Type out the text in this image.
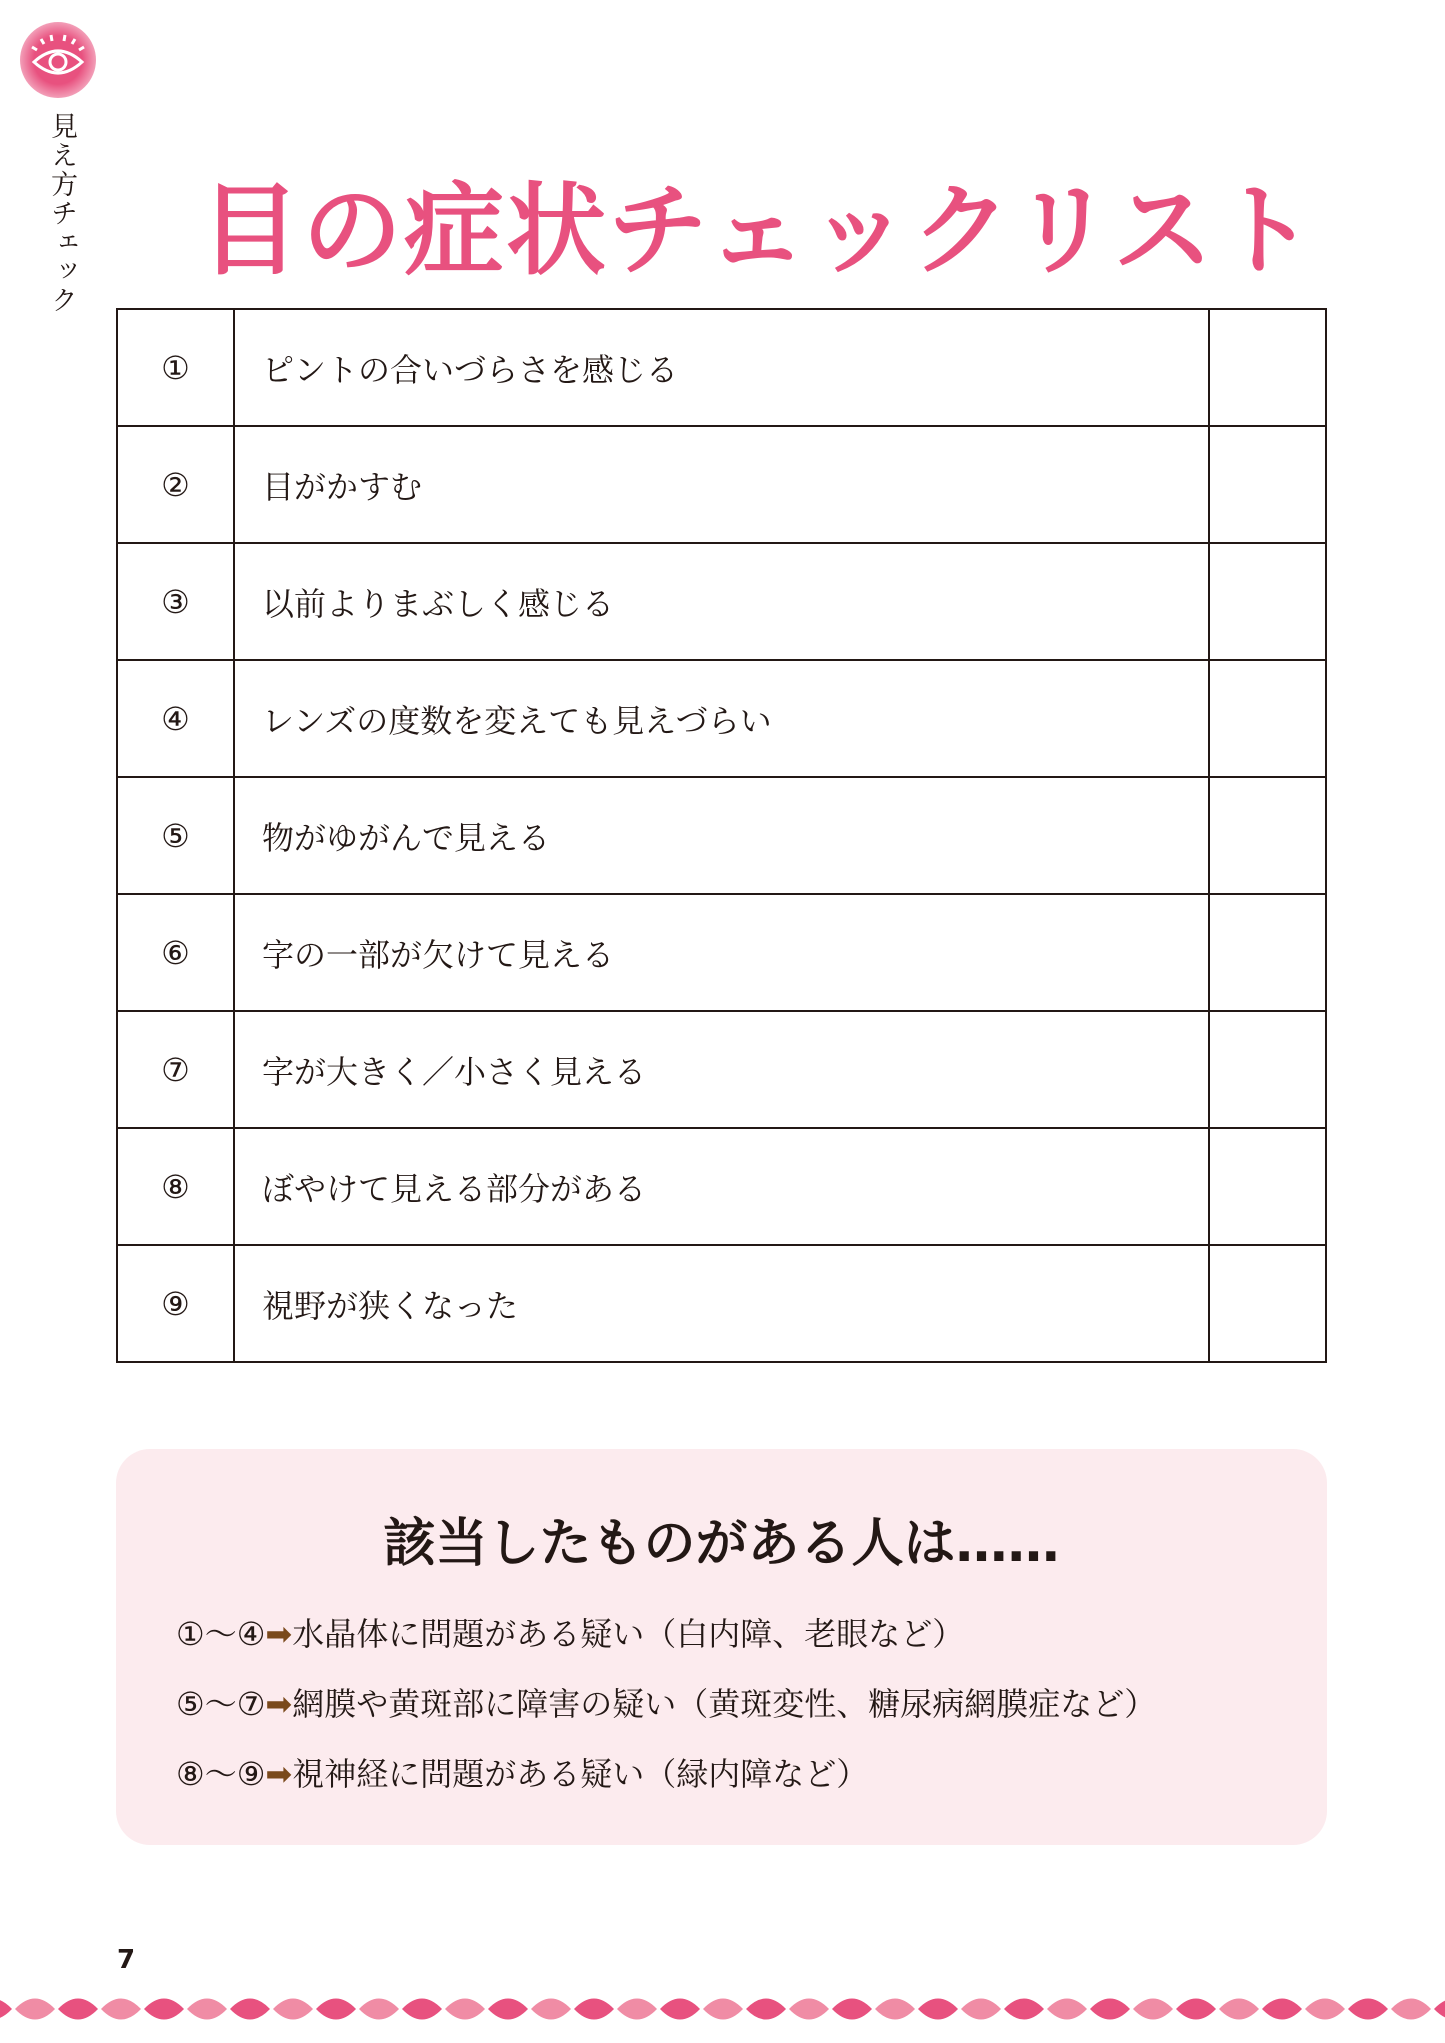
見え方チェック 目の症状チェックリスト
①	ピントの合いづらさを感じる	
②	目がかすむ	
③	以前よりまぶしく感じる	
④	レンズの度数を変えても見えづらい	
⑤	物がゆがんで見える	
⑥	字の一部が欠けて見える	
⑦	字が大きく／小さく見える	
⑧	ぼやけて見える部分がある	
⑨	視野が狭くなった	
該当したものがある人は……
①〜④➡水晶体に問題がある疑い（白内障、老眼など）
⑤〜⑦➡網膜や黄斑部に障害の疑い（黄斑変性、糖尿病網膜症など）
⑧〜⑨➡視神経に問題がある疑い（緑内障など）
7
